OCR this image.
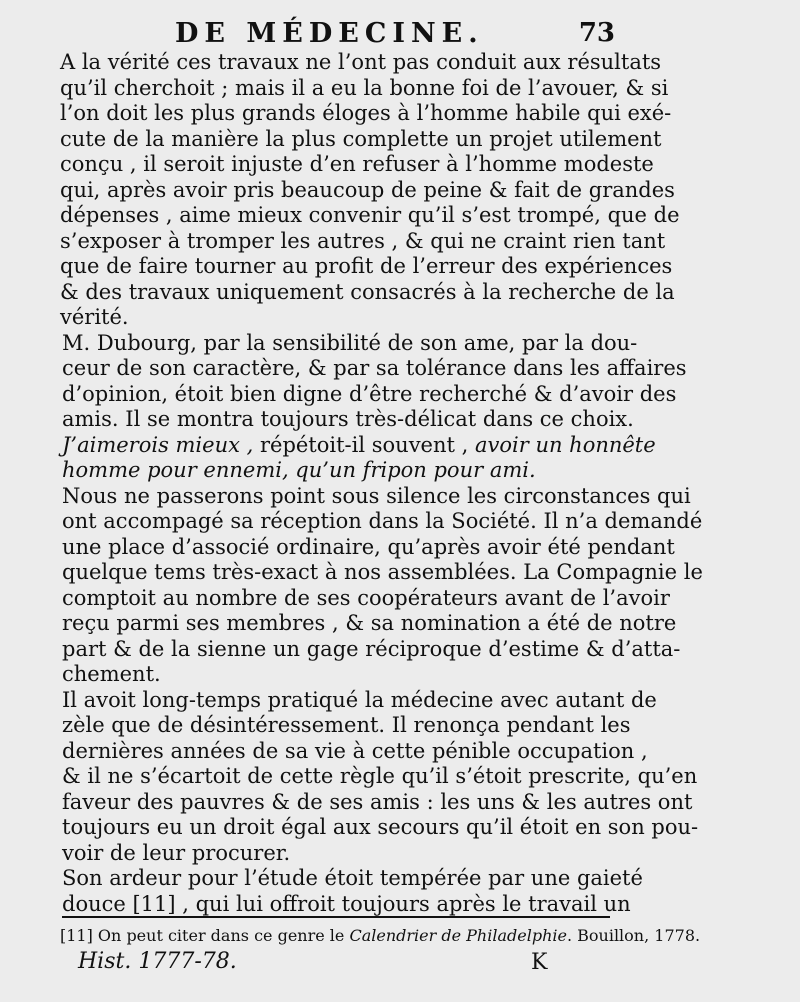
DE MÉDECINE.	73
A la vérité ces travaux ne l’ont pas conduit aux résultats
qu’il cherchoit ; mais il a eu la bonne foi de l’avouer, & si
l’on doit les plus grands éloges à l’homme habile qui exé-
cute de la manière la plus complette un projet utilement
conçu , il seroit injuste d’en refuser à l’homme modeste
qui, après avoir pris beaucoup de peine & fait de grandes
dépenses , aime mieux convenir qu’il s’est trompé, que de
s’exposer à tromper les autres , & qui ne craint rien tant
que de faire tourner au profit de l’erreur des expériences
& des travaux uniquement consacrés à la recherche de la
vérité.
M. Dubourg, par la sensibilité de son ame, par la dou-
ceur de son caractère, & par sa tolérance dans les affaires
d’opinion, étoit bien digne d’être recherché & d’avoir des
amis. Il se montra toujours très-délicat dans ce choix.
J’aimerois mieux , répétoit-il souvent , avoir un honnête
homme pour ennemi, qu’un fripon pour ami.
Nous ne passerons point sous silence les circonstances qui
ont accompagé sa réception dans la Société. Il n’a demandé
une place d’associé ordinaire, qu’après avoir été pendant
quelque tems très-exact à nos assemblées. La Compagnie le
comptoit au nombre de ses coopérateurs avant de l’avoir
reçu parmi ses membres , & sa nomination a été de notre
part & de la sienne un gage réciproque d’estime & d’atta-
chement.
Il avoit long-temps pratiqué la médecine avec autant de
zèle que de désintéressement. Il renonça pendant les
dernières années de sa vie à cette pénible occupation ,
& il ne s’écartoit de cette règle qu’il s’étoit prescrite, qu’en
faveur des pauvres & de ses amis : les uns & les autres ont
toujours eu un droit égal aux secours qu’il étoit en son pou-
voir de leur procurer.
Son ardeur pour l’étude étoit tempérée par une gaieté
douce [11] , qui lui offroit toujours après le travail un
[11] On peut citer dans ce genre le Calendrier de Philadelphie. Bouillon, 1778.
Hist. 1777-78.	K
